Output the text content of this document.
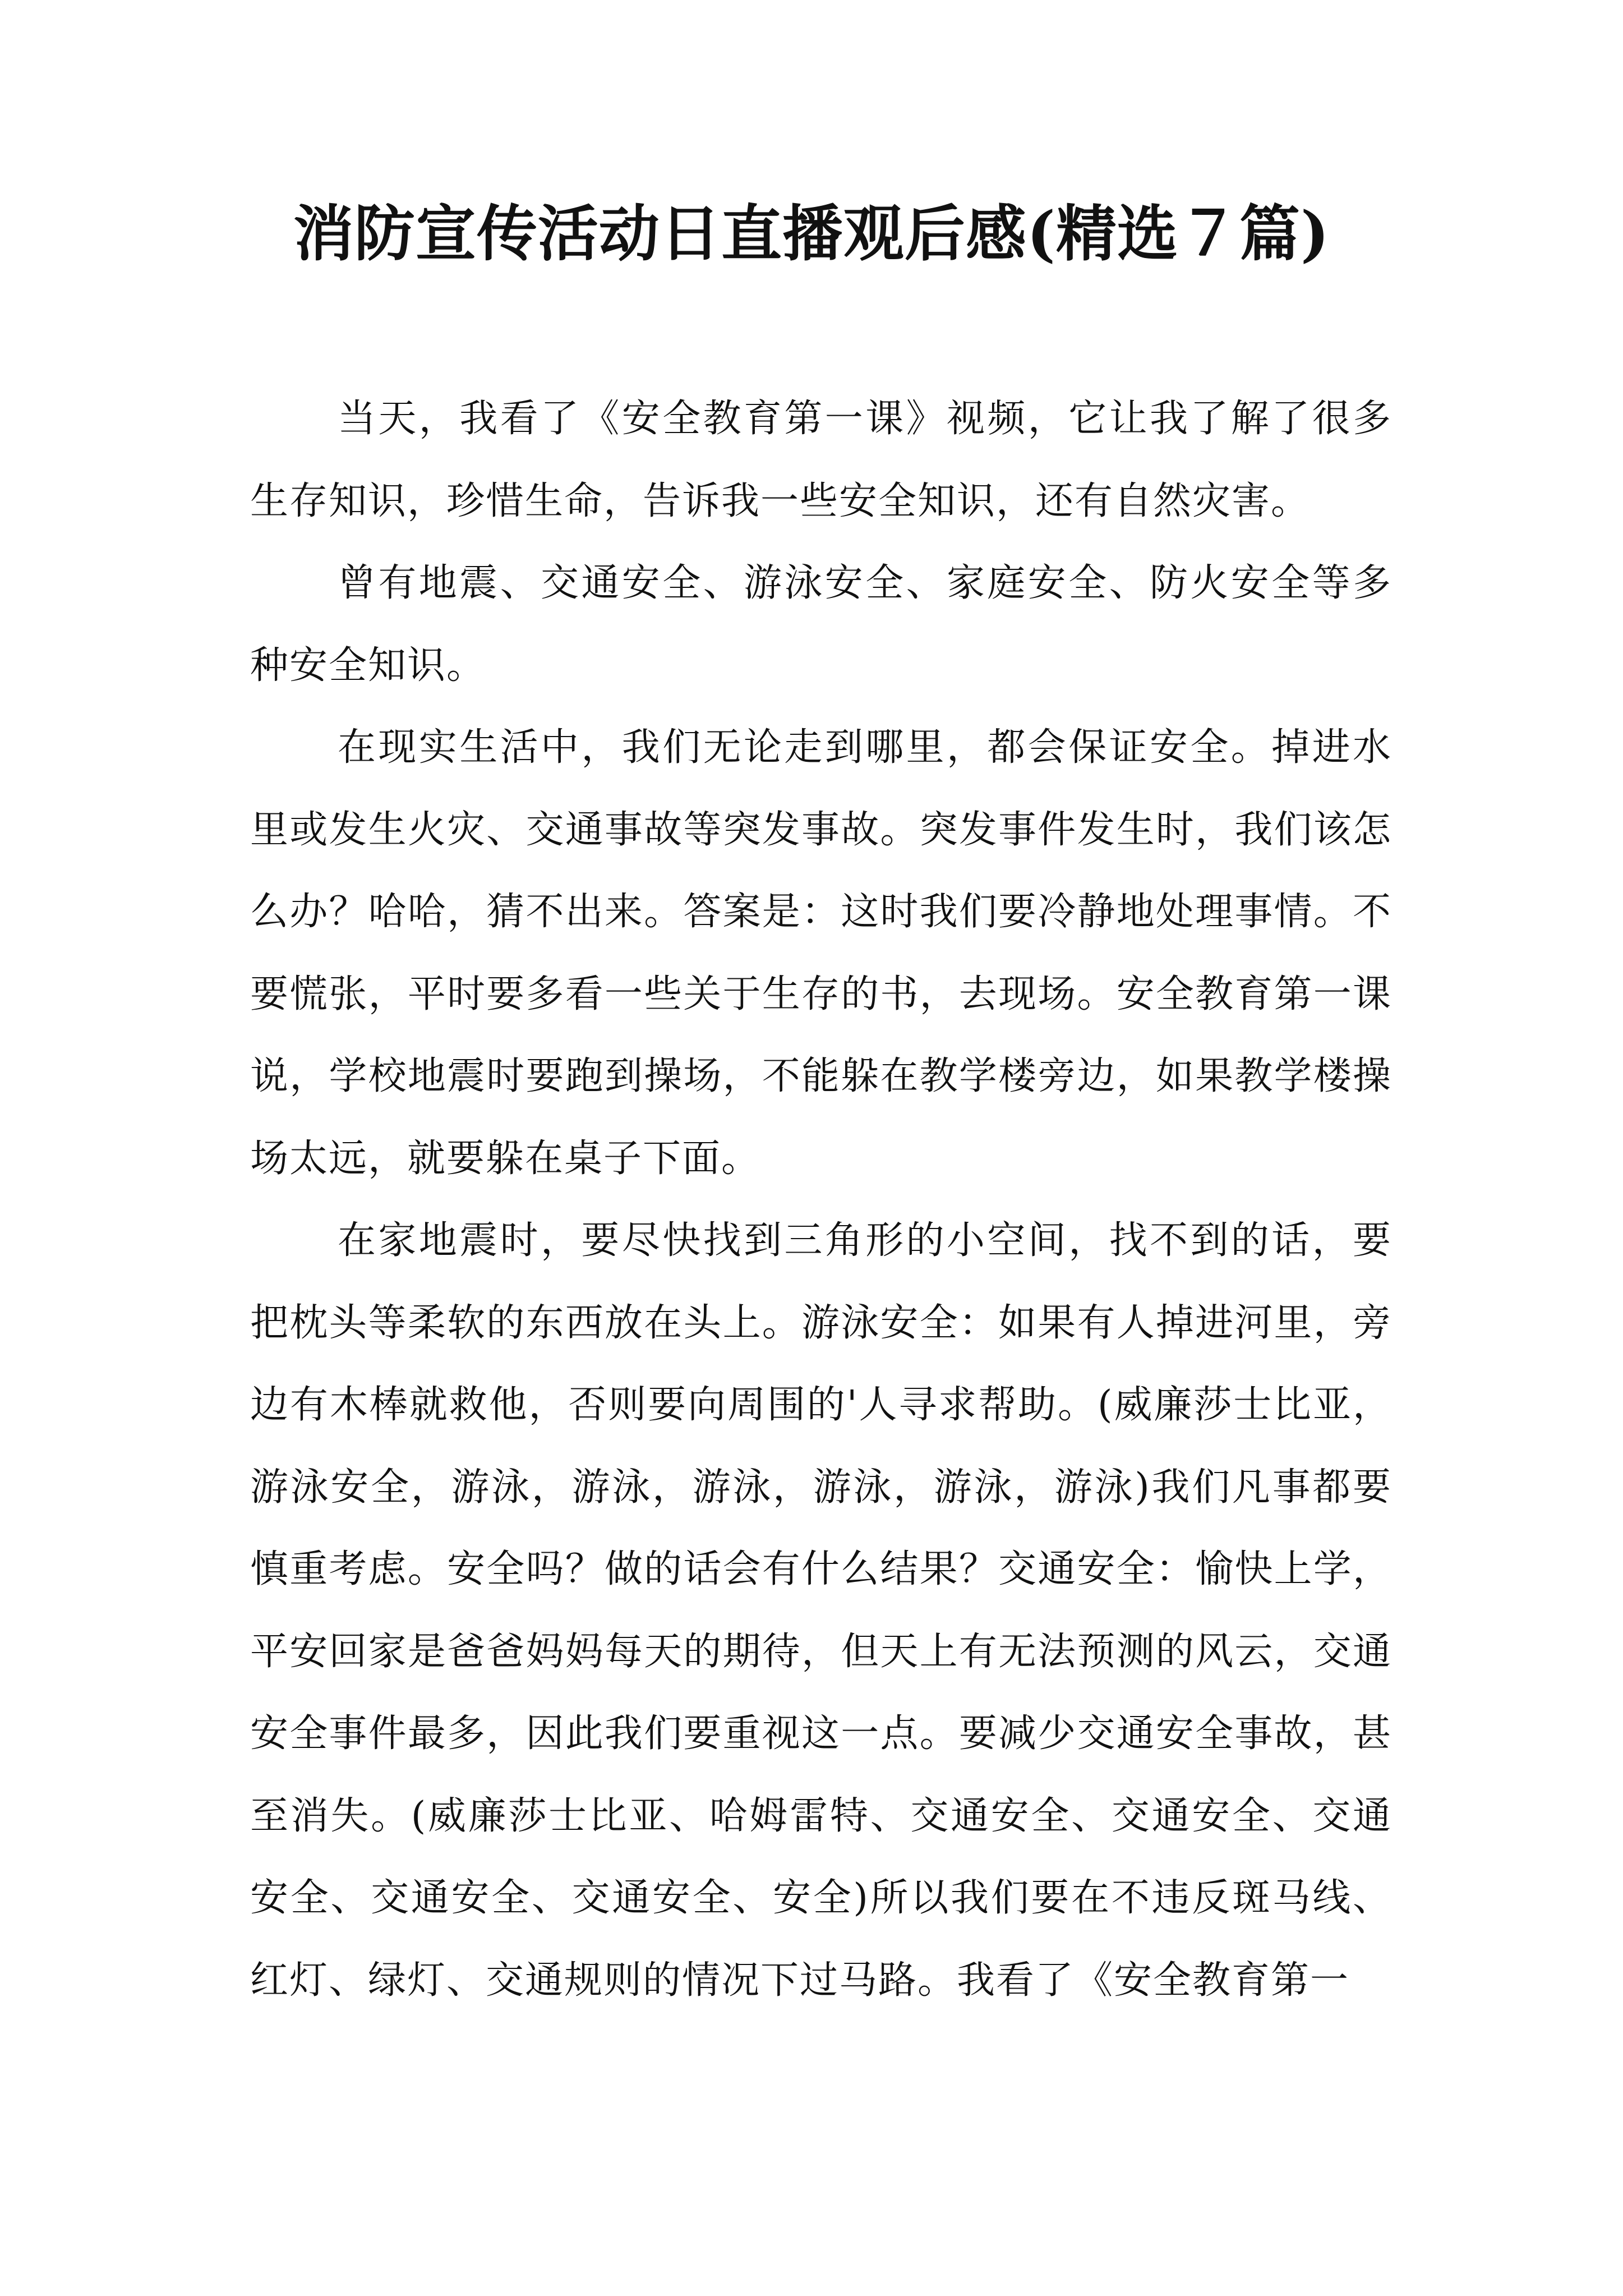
消防宣传活动日直播观后感(精选７篇)

当天，我看了《安全教育第一课》视频，它让我了解了很多生存知识，珍惜生命，告诉我一些安全知识，还有自然灾害。

曾有地震、交通安全、游泳安全、家庭安全、防火安全等多种安全知识。

在现实生活中，我们无论走到哪里，都会保证安全。掉进水里或发生火灾、交通事故等突发事故。突发事件发生时，我们该怎么办？哈哈，猜不出来。答案是：这时我们要冷静地处理事情。不要慌张，平时要多看一些关于生存的书，去现场。安全教育第一课说，学校地震时要跑到操场，不能躲在教学楼旁边，如果教学楼操场太远，就要躲在桌子下面。

在家地震时，要尽快找到三角形的小空间，找不到的话，要把枕头等柔软的东西放在头上。游泳安全：如果有人掉进河里，旁边有木棒就救他，否则要向周围的'人寻求帮助。(威廉莎士比亚，游泳安全，游泳，游泳，游泳，游泳，游泳，游泳)我们凡事都要慎重考虑。安全吗？做的话会有什么结果？交通安全：愉快上学，平安回家是爸爸妈妈每天的期待，但天上有无法预测的风云，交通安全事件最多，因此我们要重视这一点。要减少交通安全事故，甚至消失。(威廉莎士比亚、哈姆雷特、交通安全、交通安全、交通安全、交通安全、交通安全、安全)所以我们要在不违反斑马线、红灯、绿灯、交通规则的情况下过马路。我看了《安全教育第一
